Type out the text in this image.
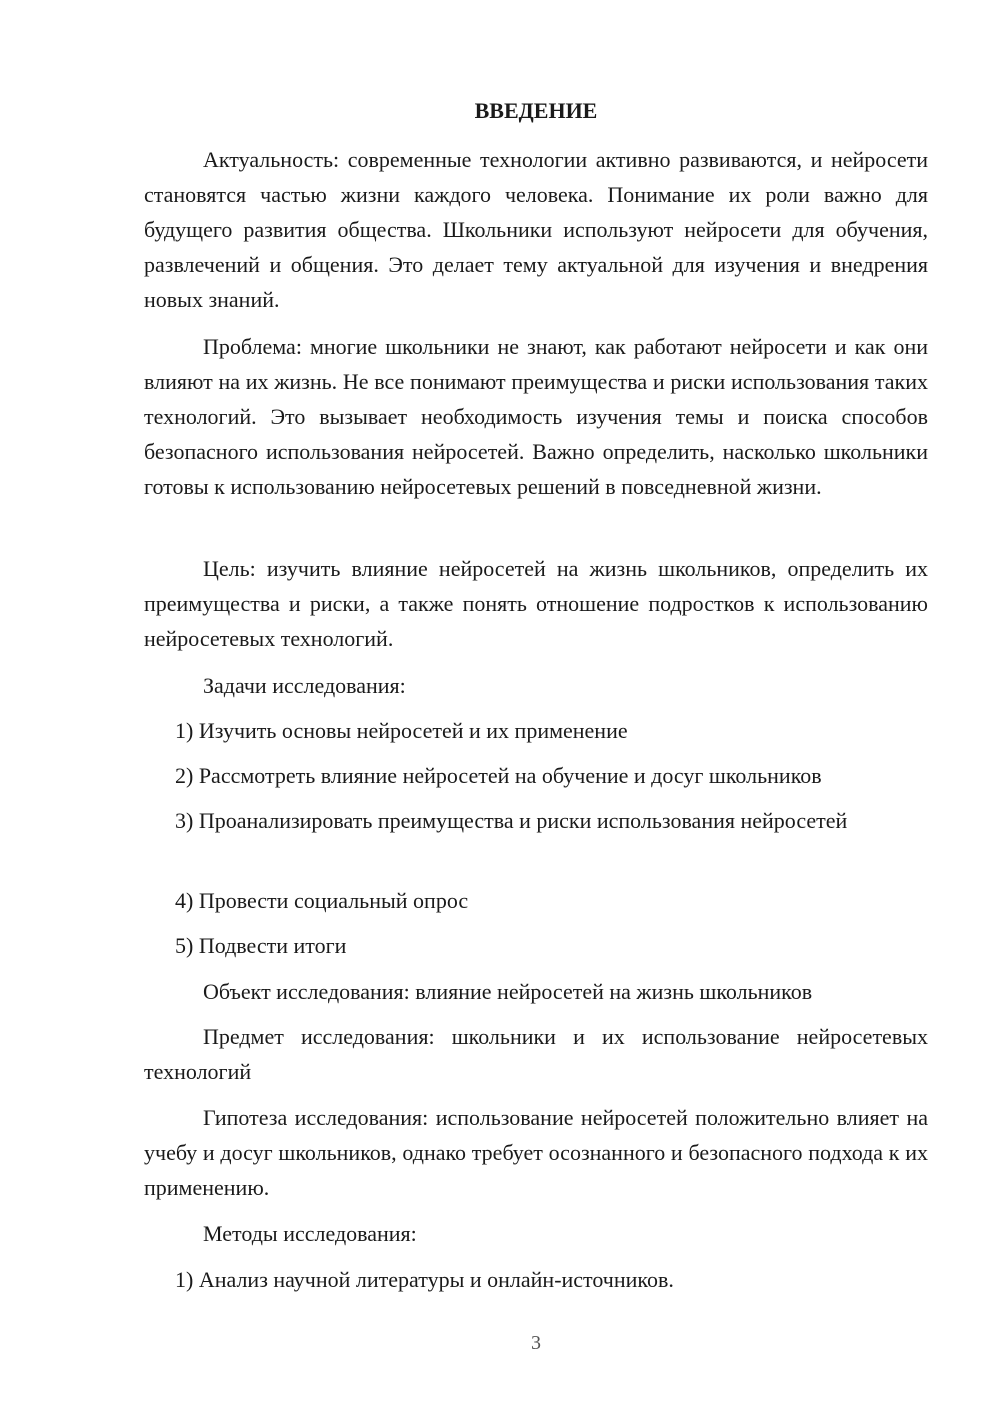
ВВЕДЕНИЕ

Актуальность: современные технологии активно развиваются, и нейросети становятся частью жизни каждого человека. Понимание их роли важно для будущего развития общества. Школьники используют нейросети для обучения, развлечений и общения. Это делает тему актуальной для изучения и внедрения новых знаний.

Проблема: многие школьники не знают, как работают нейросети и как они влияют на их жизнь. Не все понимают преимущества и риски использования таких технологий. Это вызывает необходимость изучения темы и поиска способов безопасного использования нейросетей. Важно определить, насколько школьники готовы к использованию нейросетевых решений в повседневной жизни.

Цель: изучить влияние нейросетей на жизнь школьников, определить их преимущества и риски, а также понять отношение подростков к использованию нейросетевых технологий.

Задачи исследования:

1) Изучить основы нейросетей и их применение

2) Рассмотреть влияние нейросетей на обучение и досуг школьников

3) Проанализировать преимущества и риски использования нейросетей

4) Провести социальный опрос

5) Подвести итоги

Объект исследования: влияние нейросетей на жизнь школьников

Предмет исследования: школьники и их использование нейросетевых технологий

Гипотеза исследования: использование нейросетей положительно влияет на учебу и досуг школьников, однако требует осознанного и безопасного подхода к их применению.

Методы исследования:

1) Анализ научной литературы и онлайн-источников.

3
